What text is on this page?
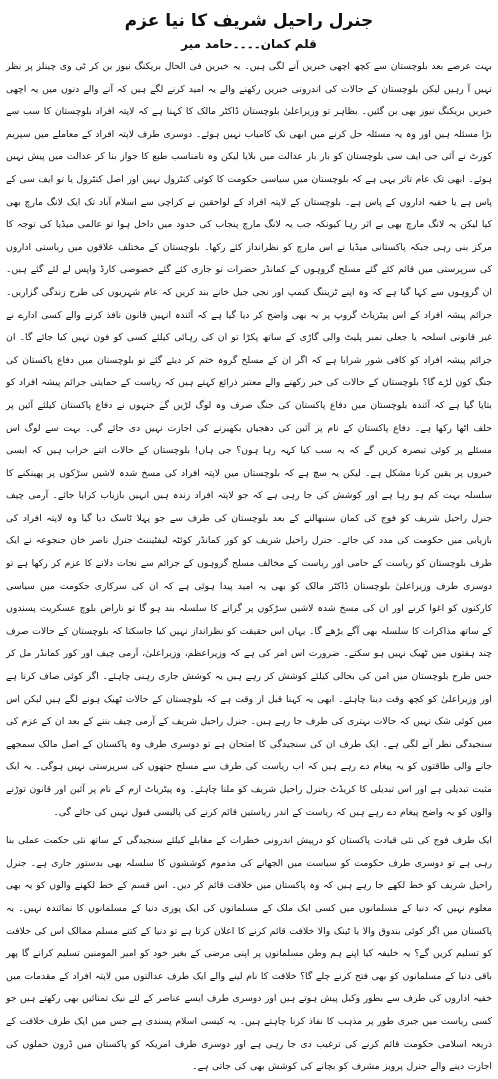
جنرل راحیل شریف کا نیا عزم
قلم کمان۔۔۔۔حامد میر

بہت عرصے بعد بلوچستان سے کچھ اچھی خبریں آنے لگی ہیں۔ یہ خبریں فی الحال بریکنگ نیوز بن کر ٹی وی چینلز پر نظر نہیں آ رہیں لیکن بلوچستان کے حالات کی اندرونی خبریں رکھنے والے یہ امید کرنے لگے ہیں کہ آنے والے دنوں میں یہ اچھی خبریں بریکنگ نیوز بھی بن گئیں۔ بظاہر تو وزیراعلیٰ بلوچستان ڈاکٹر مالک کا کہنا ہے کہ لاپتہ افراد بلوچستان کا سب سے بڑا مسئلہ ہیں اور وہ یہ مسئلہ حل کرنے میں ابھی تک کامیاب نہیں ہوئے۔ دوسری طرف لاپتہ افراد کے معاملے میں سپریم کورٹ نے آئی جی ایف سی بلوچستان کو بار بار عدالت میں بلایا لیکن وہ نامناسب طبع کا جواز بنا کر عدالت میں پیش نہیں ہوئے۔ ابھی تک عام تاثر یہی ہے کہ بلوچستان میں سیاسی حکومت کا کوئی کنٹرول نہیں اور اصل کنٹرول یا تو ایف سی کے پاس ہے یا خفیہ اداروں کے پاس ہے۔ بلوچستان کے لاپتہ افراد کے لواحقین نے کراچی سے اسلام آباد تک ایک لانگ مارچ بھی کیا لیکن یہ لانگ مارچ بھی بے اثر رہا کیونکہ جب یہ لانگ مارچ پنجاب کی حدود میں داخل ہوا تو عالمی میڈیا کی توجہ کا مرکز بنی رہی جبکہ پاکستانی میڈیا نے اس مارچ کو نظرانداز کئے رکھا۔ بلوچستان کے مختلف علاقوں میں ریاستی اداروں کی سرپرستی میں قائم کئے گئے مسلح گروہوں کے کمانڈر حضرات تو جاری کئے گئے خصوصی کارڈ واپس لے لئے گئے ہیں۔ ان گروہوں سے کہا گیا ہے کہ وہ اپنے ٹریننگ کیمپ اور نجی جیل خانے بند کریں کہ عام شہریوں کی طرح زندگی گزاریں۔ جرائم پیشہ افراد کے اس پیٹریاٹ گروپ پر یہ بھی واضح کر دیا گیا ہے کہ آئندہ انہیں قانون نافذ کرنے والے کسی ادارے نے غیر قانونی اسلحہ یا جعلی نمبر پلیٹ والی گاڑی کے ساتھ پکڑا تو ان کی رہائی کیلئے کسی کو فون نہیں کیا جائے گا۔ ان جرائم پیشہ افراد کو کافی شور شرابا ہے کہ اگر ان کے مسلح گروہ ختم کر دیئے گئے تو بلوچستان میں دفاع پاکستان کی جنگ کون لڑے گا؟ بلوچستان کے حالات کی خبر رکھنے والے معتبر ذرائع کہتے ہیں کہ ریاست کے حمایتی جرائم پیشہ افراد کو بتایا گیا ہے کہ آئندہ بلوچستان میں دفاع پاکستان کی جنگ صرف وہ لوگ لڑیں گے جنہوں نے دفاع پاکستان کیلئے آئین پر حلف اٹھا رکھا ہے۔ دفاع پاکستان کے نام پر آئین کی دھجیاں بکھیرنے کی اجازت نہیں دی جائے گی۔ بہت سے لوگ اس مسئلے پر کوئی تبصرہ کریں گے کہ یہ سب کیا کہہ رہا ہوں؟ جی ہاں! بلوچستان کے حالات اتنے خراب ہیں کہ ایسی خبروں پر یقین کرنا مشکل ہے۔ لیکن یہ سچ ہے کہ بلوچستان میں لاپتہ افراد کی مسخ شدہ لاشیں سڑکوں پر پھینکنے کا سلسلہ بہت کم ہو رہا ہے اور کوشش کی جا رہی ہے کہ جو لاپتہ افراد زندہ ہیں انہیں بازیاب کرایا جائے۔ آرمی چیف جنرل راحیل شریف کو فوج کی کمان سنبھالنے کے بعد بلوچستان کی طرف سے جو پہلا ٹاسک دیا گیا وہ لاپتہ افراد کی بازیابی میں حکومت کی مدد کی جائے۔ جنرل راحیل شریف کو کور کمانڈر کوئٹہ لیفٹیننٹ جنرل ناصر خان جنجوعہ نے ایک طرف بلوچستان کو ریاست کے حامی اور ریاست کے مخالف مسلح گروہوں کے جرائم سے نجات دلانے کا عزم کر رکھا ہے تو دوسری طرف وزیراعلیٰ بلوچستان ڈاکٹر مالک کو بھی یہ امید پیدا ہوئی ہے کہ ان کی سرکاری حکومت میں سیاسی کارکنوں کو اغوا کرنے اور ان کی مسخ شدہ لاشیں سڑکوں پر گرانے کا سلسلہ بند ہو گا تو ناراض بلوچ عسکریت پسندوں کے ساتھ مذاکرات کا سلسلہ بھی آگے بڑھے گا۔ یہاں اس حقیقت کو نظرانداز نہیں کیا جاسکتا کہ بلوچستان کے حالات صرف چند ہفتوں میں ٹھیک نہیں ہو سکتے۔ ضرورت اس امر کی ہے کہ وزیراعظم، وزیراعلیٰ، آرمی چیف اور کور کمانڈر مل کر جس طرح بلوچستان میں امن کی بحالی کیلئے کوشش کر رہے ہیں یہ کوشش جاری رہنی چاہئے۔ اگر کوئی صاف کرنا ہے اور وزیراعلیٰ کو کچھ وقت دینا چاہئے۔ ابھی یہ کہنا قبل از وقت ہے کہ بلوچستان کے حالات ٹھیک ہونے لگے ہیں لیکن اس میں کوئی شک نہیں کہ حالات بہتری کی طرف جا رہے ہیں۔ جنرل راحیل شریف کے آرمی چیف بننے کے بعد ان کے عزم کی سنجیدگی نظر آنے لگی ہے۔ ایک طرف ان کی سنجیدگی کا امتحان ہے تو دوسری طرف وہ پاکستان کے اصل مالک سمجھے جانے والی طاقتوں کو یہ پیغام دے رہے ہیں کہ اب ریاست کی طرف سے مسلح جتھوں کی سرپرستی نہیں ہوگی۔ یہ ایک مثبت تبدیلی ہے اور اس تبدیلی کا کریڈٹ جنرل راحیل شریف کو ملنا چاہئے۔ وہ پیٹریاٹ ازم کے نام پر آئین اور قانون توڑنے والوں کو یہ واضح پیغام دے رہے ہیں کہ ریاست کے اندر ریاستیں قائم کرنے کی پالیسی قبول نہیں کی جائے گی۔

ایک طرف فوج کی نئی قیادت پاکستان کو درپیش اندرونی خطرات کے مقابلے کیلئے سنجیدگی کے ساتھ نئی حکمت عملی بنا رہی ہے تو دوسری طرف حکومت کو سیاست میں الجھانے کی مذموم کوششوں کا سلسلہ بھی بدستور جاری ہے۔ جنرل راحیل شریف کو خط لکھے جا رہے ہیں کہ وہ پاکستان میں خلافت قائم کر دیں۔ اس قسم کے خط لکھنے والوں کو یہ بھی معلوم نہیں کہ دنیا کے مسلمانوں میں کسی ایک ملک کے مسلمانوں کی ایک پوری دنیا کے مسلمانوں کا نمائندہ نہیں۔ یہ پاکستان میں اگر کوئی بندوق والا یا ٹینک والا خلافت قائم کرنے کا اعلان کرتا ہے تو دنیا کے کتنے مسلم ممالک اس کی خلافت کو تسلیم کریں گے؟ یہ خلیفہ کیا اپنے ہم وطن مسلمانوں پر اپنی مرضی کے بغیر خود کو امیر المومنین تسلیم کرانے گا پھر باقی دنیا کے مسلمانوں کو بھی فتح کرنے چلے گا؟ خلافت کا نام لینے والے ایک طرف عدالتوں میں لاپتہ افراد کے مقدمات میں خفیہ اداروں کی طرف سے بطور وکیل پیش ہوتے ہیں اور دوسری طرف ایسے عناصر کے لئے نیک تمنائیں بھی رکھتے ہیں جو کسی ریاست میں جبری طور پر مذہب کا نفاذ کرنا چاہتے ہیں۔ یہ کیسی اسلام پسندی ہے جس میں ایک طرف خلافت کے ذریعہ اسلامی حکومت قائم کرنے کی ترغیب دی جا رہی ہے اور دوسری طرف امریکہ کو پاکستان میں ڈرون حملوں کی اجازت دینے والے جنرل پرویز مشرف کو بچانے کی کوشش بھی کی جاتی ہے۔
